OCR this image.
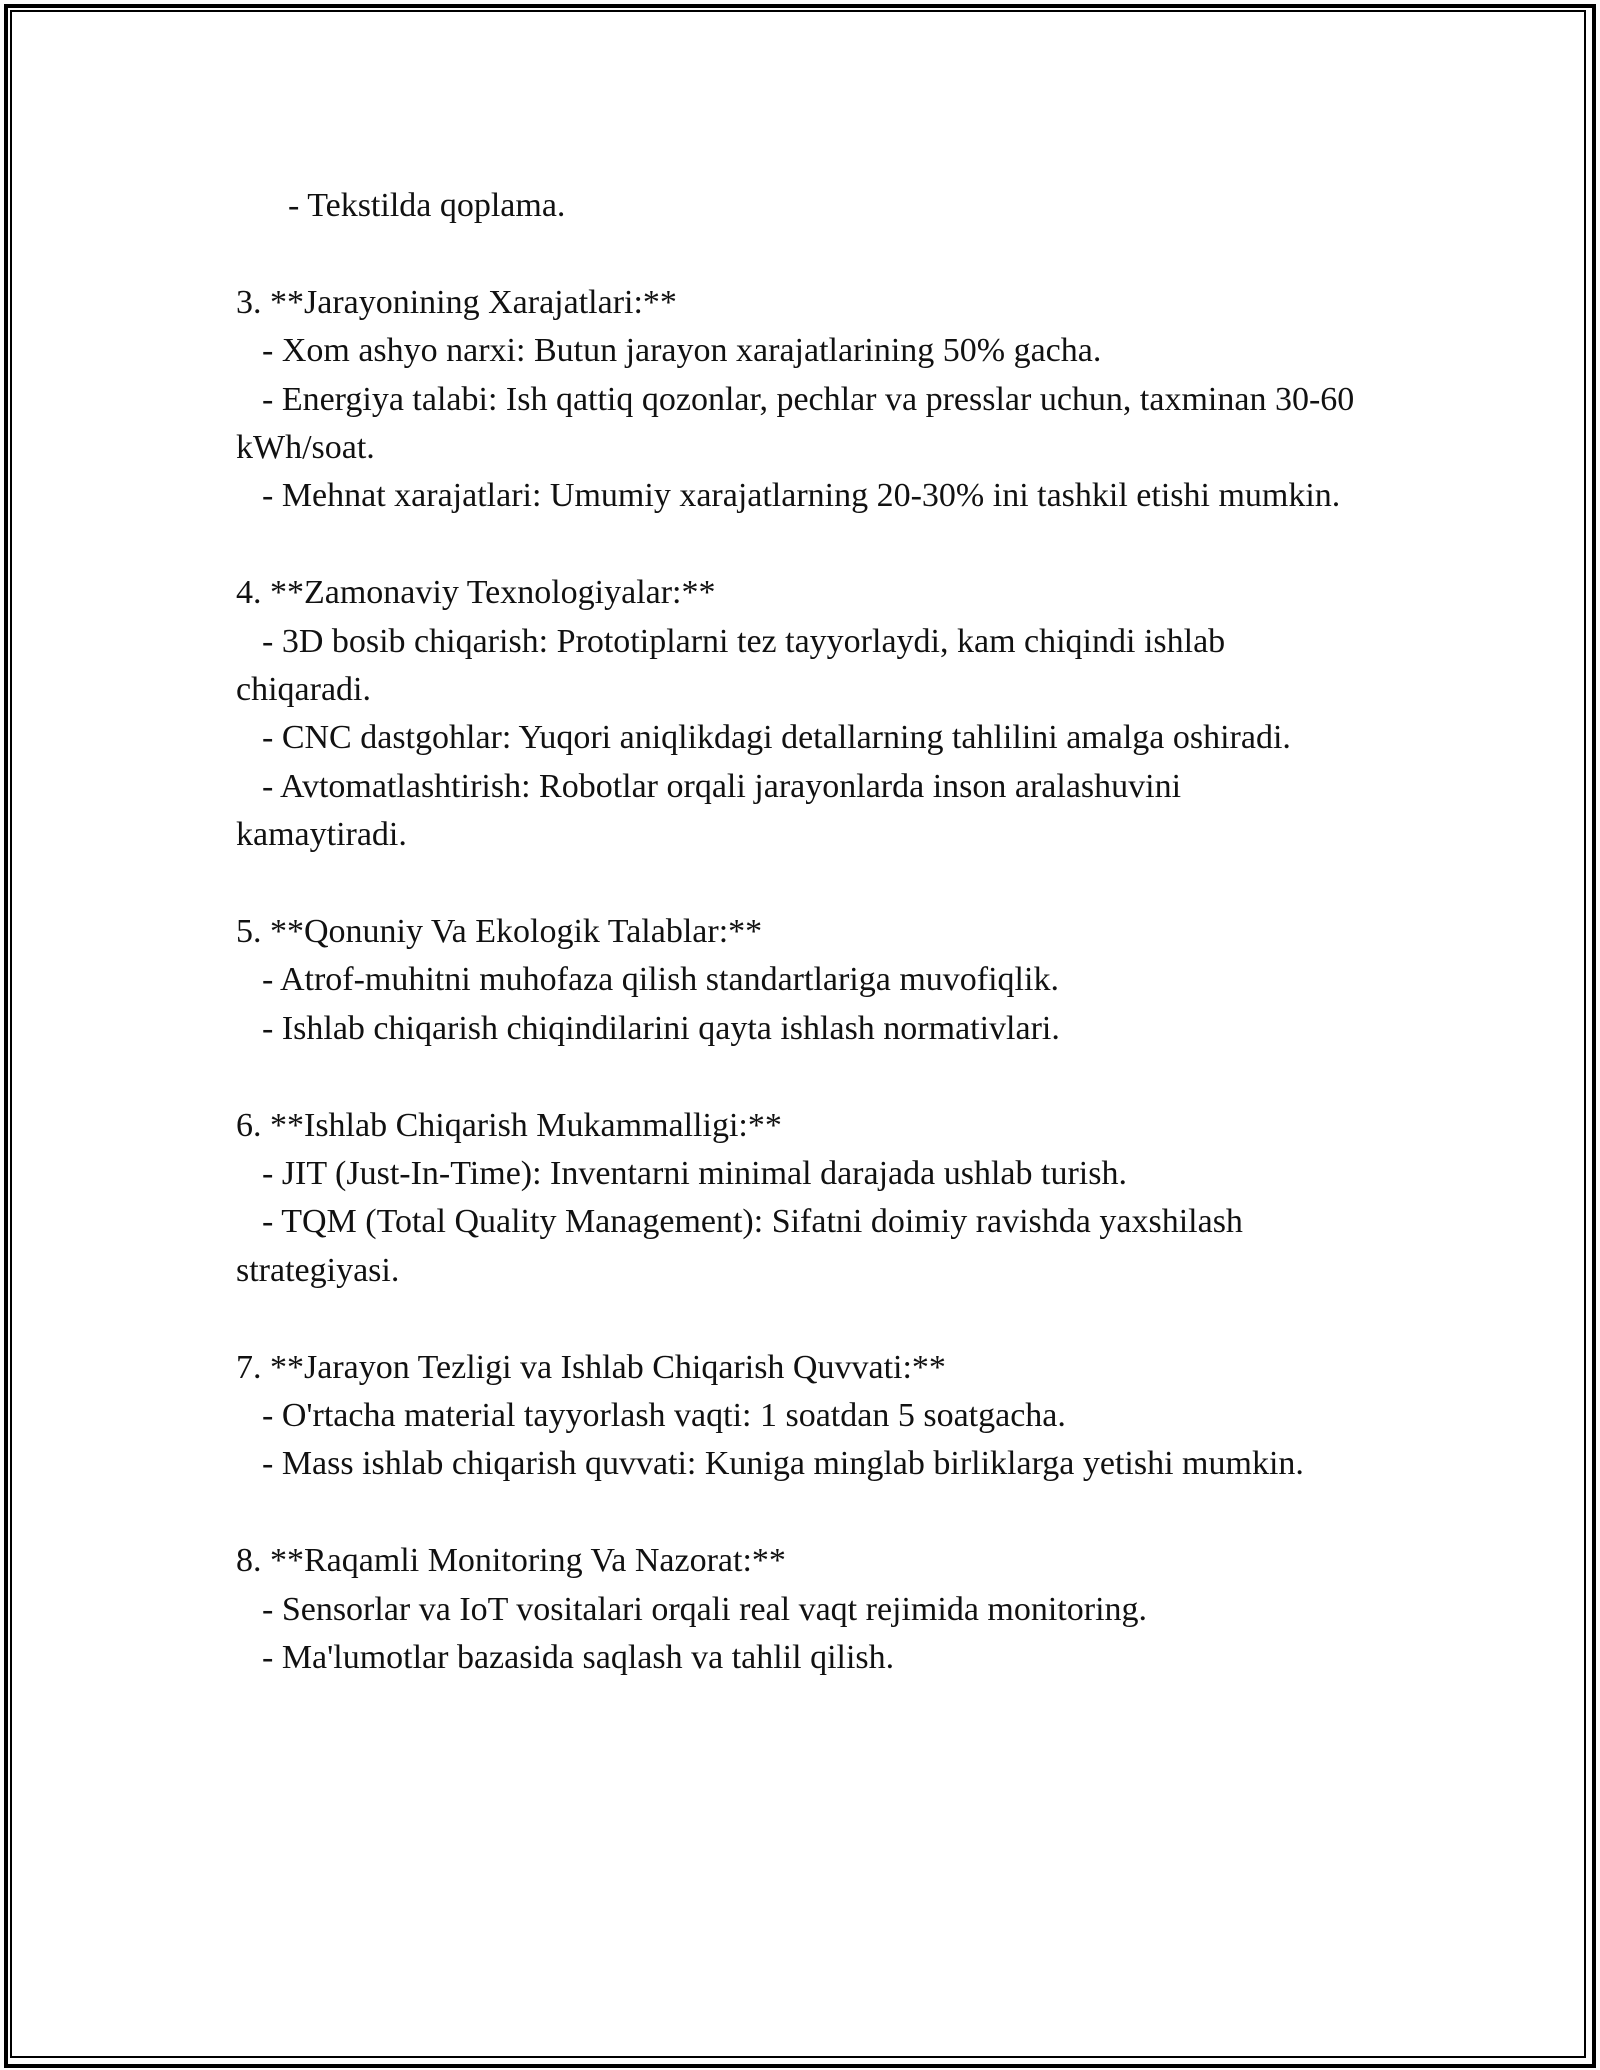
- Tekstilda qoplama.

3. **Jarayonining Xarajatlari:**

- Xom ashyo narxi: Butun jarayon xarajatlarining 50% gacha.

- Energiya talabi: Ish qattiq qozonlar, pechlar va presslar uchun, taxminan 30-60 kWh/soat.

- Mehnat xarajatlari: Umumiy xarajatlarning 20-30% ini tashkil etishi mumkin.

4. **Zamonaviy Texnologiyalar:**

- 3D bosib chiqarish: Prototiplarni tez tayyorlaydi, kam chiqindi ishlab chiqaradi.

- CNC dastgohlar: Yuqori aniqlikdagi detallarning tahlilini amalga oshiradi.

- Avtomatlashtirish: Robotlar orqali jarayonlarda inson aralashuvini kamaytiradi.

5. **Qonuniy Va Ekologik Talablar:**

- Atrof-muhitni muhofaza qilish standartlariga muvofiqlik.

- Ishlab chiqarish chiqindilarini qayta ishlash normativlari.

6. **Ishlab Chiqarish Mukammalligi:**

- JIT (Just-In-Time): Inventarni minimal darajada ushlab turish.

- TQM (Total Quality Management): Sifatni doimiy ravishda yaxshilash strategiyasi.

7. **Jarayon Tezligi va Ishlab Chiqarish Quvvati:**

- O'rtacha material tayyorlash vaqti: 1 soatdan 5 soatgacha.

- Mass ishlab chiqarish quvvati: Kuniga minglab birliklarga yetishi mumkin.

8. **Raqamli Monitoring Va Nazorat:**

- Sensorlar va IoT vositalari orqali real vaqt rejimida monitoring.

- Ma'lumotlar bazasida saqlash va tahlil qilish.
